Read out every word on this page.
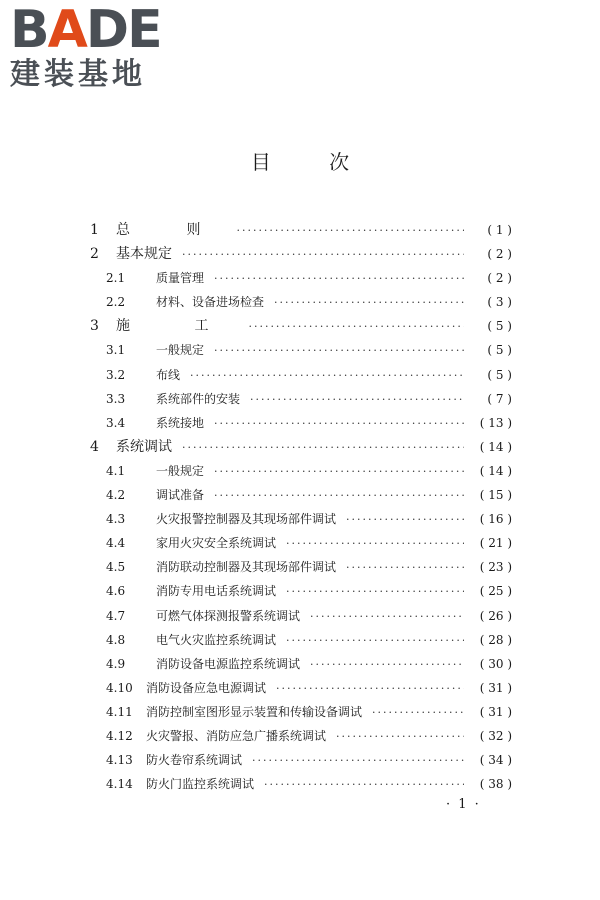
BADE
建装基地
目 次
1	总 则 ·····	( 1 )
2	基本规定 ·····	( 2 )
2.1	质量管理 ·····	( 2 )
2.2	材料、设备进场检查 ·····	( 3 )
3	施 工 ·····	( 5 )
3.1	一般规定 ·····	( 5 )
3.2	布线 ·····	( 5 )
3.3	系统部件的安装 ·····	( 7 )
3.4	系统接地 ·····	( 13 )
4	系统调试 ·····	( 14 )
4.1	一般规定 ·····	( 14 )
4.2	调试准备 ·····	( 15 )
4.3	火灾报警控制器及其现场部件调试 ·····	( 16 )
4.4	家用火灾安全系统调试 ·····	( 21 )
4.5	消防联动控制器及其现场部件调试 ·····	( 23 )
4.6	消防专用电话系统调试 ·····	( 25 )
4.7	可燃气体探测报警系统调试 ·····	( 26 )
4.8	电气火灾监控系统调试 ·····	( 28 )
4.9	消防设备电源监控系统调试 ·····	( 30 )
4.10	消防设备应急电源调试 ·····	( 31 )
4.11	消防控制室图形显示装置和传输设备调试 ·····	( 31 )
4.12	火灾警报、消防应急广播系统调试 ·····	( 32 )
4.13	防火卷帘系统调试 ·····	( 34 )
4.14	防火门监控系统调试 ·····	( 38 )
· 1 ·
